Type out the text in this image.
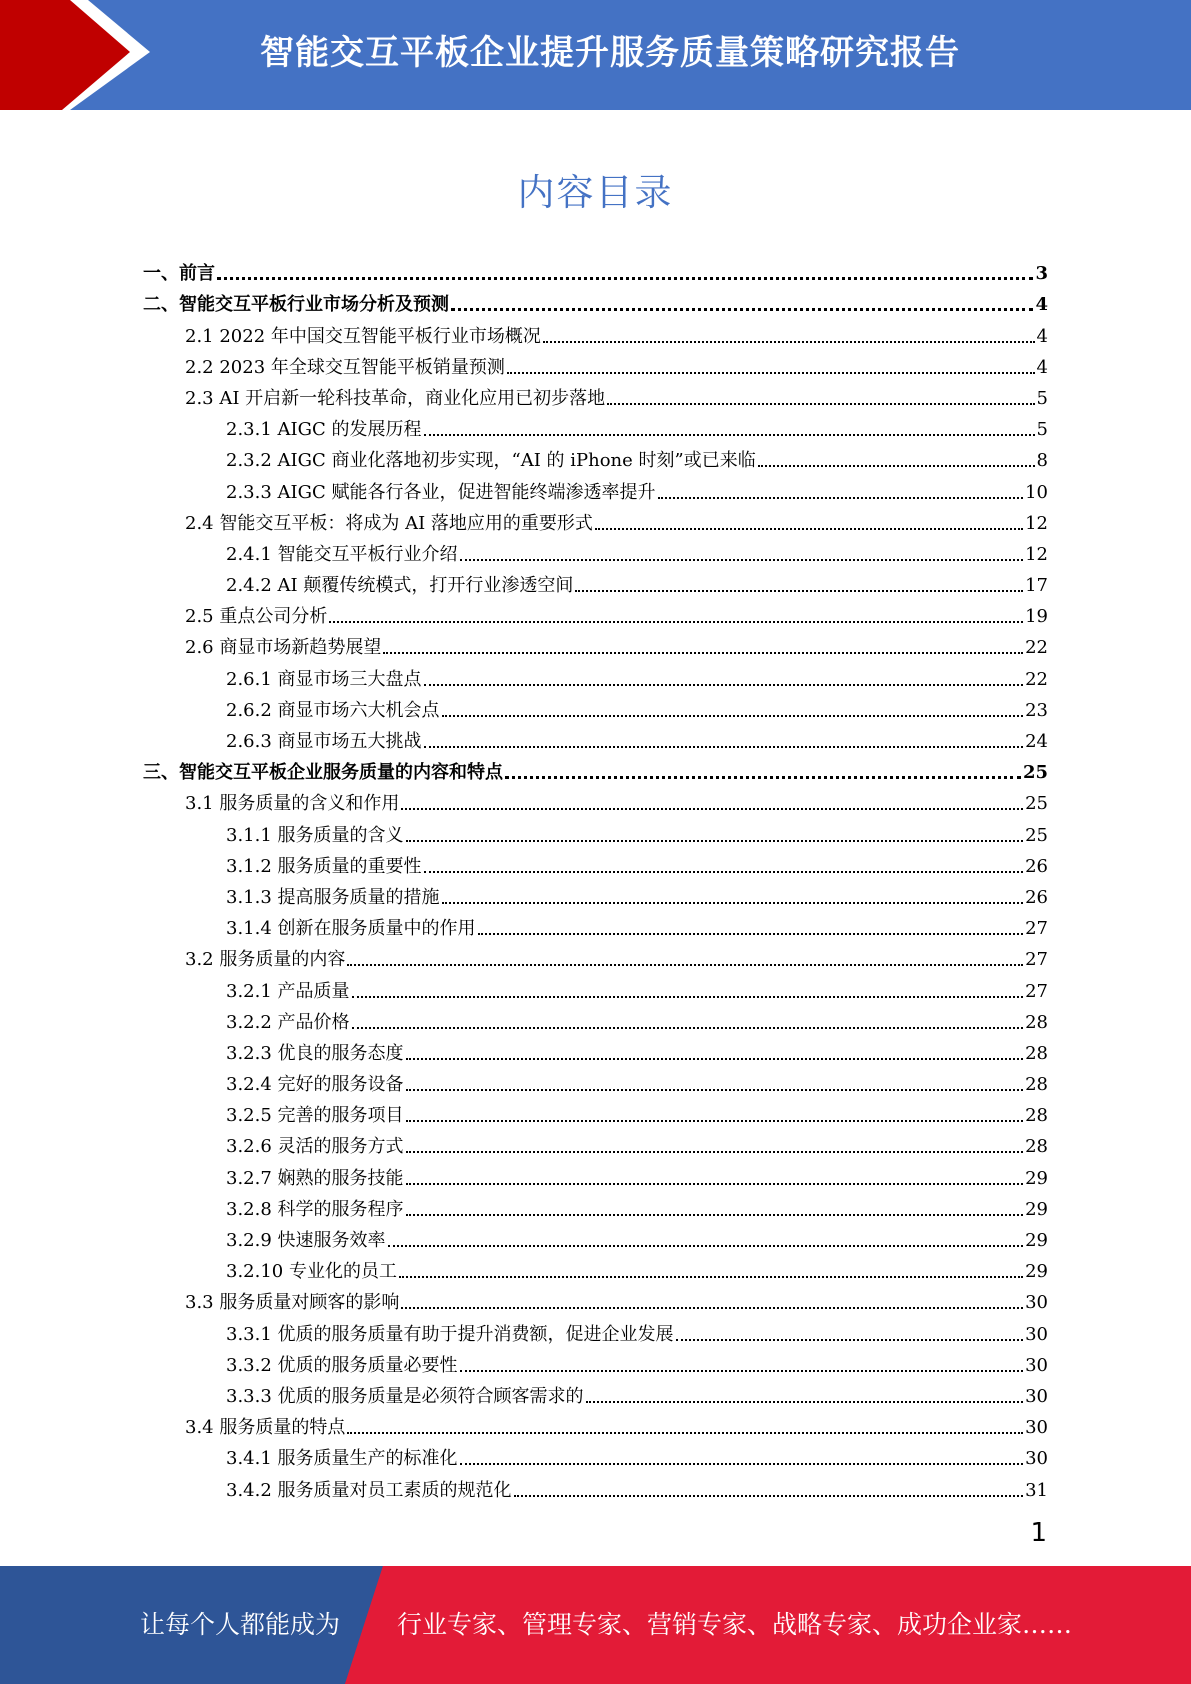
智能交互平板企业提升服务质量策略研究报告
内容目录
一、前言	3
二、智能交互平板行业市场分析及预测	4
2.1 2022 年中国交互智能平板行业市场概况	4
2.2 2023 年全球交互智能平板销量预测	4
2.3 AI 开启新一轮科技革命，商业化应用已初步落地	5
2.3.1 AIGC 的发展历程	5
2.3.2 AIGC 商业化落地初步实现，“AI 的 iPhone 时刻”或已来临	8
2.3.3 AIGC 赋能各行各业，促进智能终端渗透率提升	10
2.4 智能交互平板：将成为 AI 落地应用的重要形式	12
2.4.1 智能交互平板行业介绍	12
2.4.2 AI 颠覆传统模式，打开行业渗透空间	17
2.5 重点公司分析	19
2.6 商显市场新趋势展望	22
2.6.1 商显市场三大盘点	22
2.6.2 商显市场六大机会点	23
2.6.3 商显市场五大挑战	24
三、智能交互平板企业服务质量的内容和特点	25
3.1 服务质量的含义和作用	25
3.1.1 服务质量的含义	25
3.1.2 服务质量的重要性	26
3.1.3 提高服务质量的措施	26
3.1.4 创新在服务质量中的作用	27
3.2 服务质量的内容	27
3.2.1 产品质量	27
3.2.2 产品价格	28
3.2.3 优良的服务态度	28
3.2.4 完好的服务设备	28
3.2.5 完善的服务项目	28
3.2.6 灵活的服务方式	28
3.2.7 娴熟的服务技能	29
3.2.8 科学的服务程序	29
3.2.9 快速服务效率	29
3.2.10 专业化的员工	29
3.3 服务质量对顾客的影响	30
3.3.1 优质的服务质量有助于提升消费额，促进企业发展	30
3.3.2 优质的服务质量必要性	30
3.3.3 优质的服务质量是必须符合顾客需求的	30
3.4 服务质量的特点	30
3.4.1 服务质量生产的标准化	30
3.4.2 服务质量对员工素质的规范化	31
1
让每个人都能成为 行业专家、管理专家、营销专家、战略专家、成功企业家……
